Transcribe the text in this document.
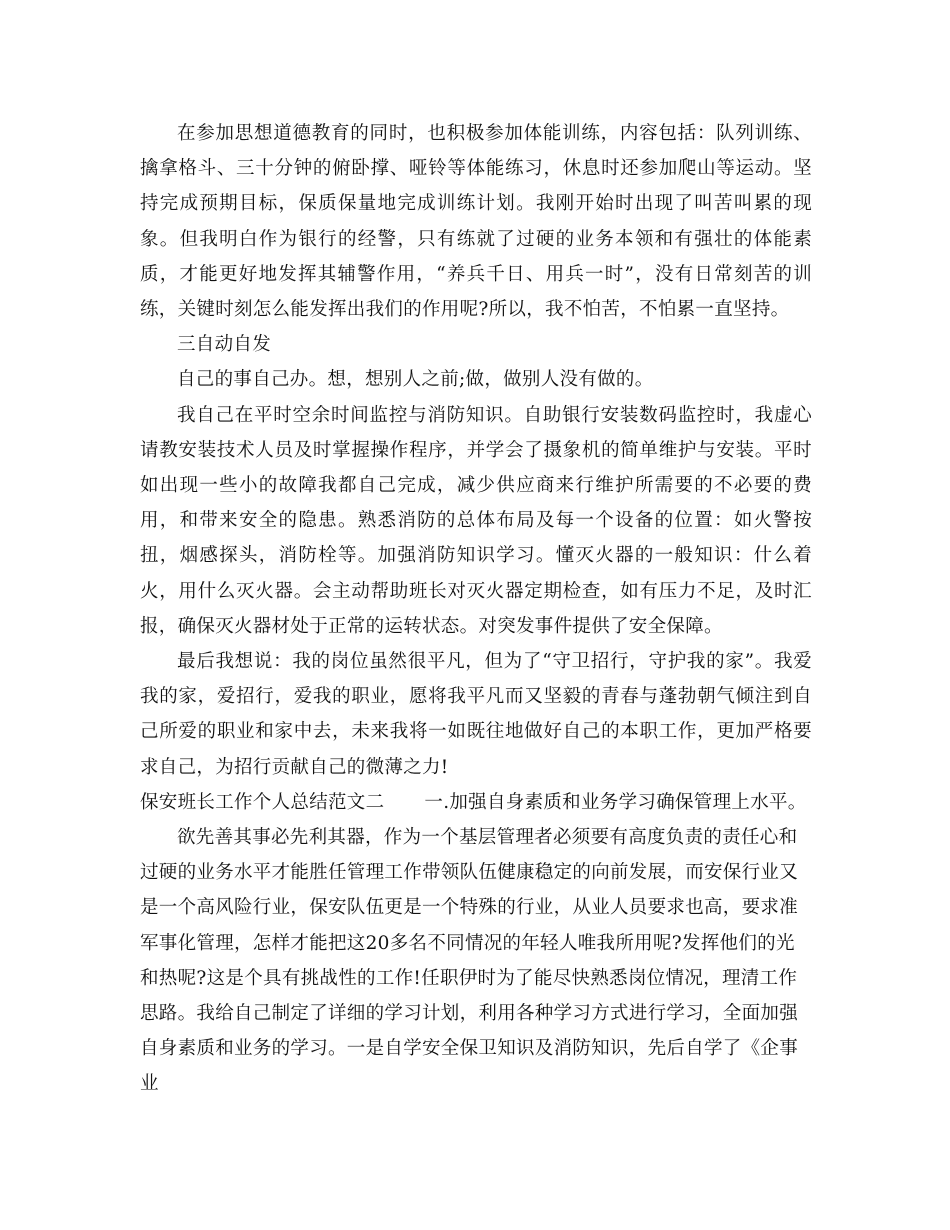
在参加思想道德教育的同时，也积极参加体能训练，内容包括：队列训练、擒拿格斗、三十分钟的俯卧撑、哑铃等体能练习，休息时还参加爬山等运动。坚持完成预期目标，保质保量地完成训练计划。我刚开始时出现了叫苦叫累的现象。但我明白作为银行的经警，只有练就了过硬的业务本领和有强壮的体能素质，才能更好地发挥其辅警作用，“养兵千日、用兵一时”，没有日常刻苦的训练，关键时刻怎么能发挥出我们的作用呢?所以，我不怕苦，不怕累一直坚持。

三自动自发

自己的事自己办。想，想别人之前;做，做别人没有做的。

我自己在平时空余时间监控与消防知识。自助银行安装数码监控时，我虚心请教安装技术人员及时掌握操作程序，并学会了摄象机的简单维护与安装。平时如出现一些小的故障我都自己完成，减少供应商来行维护所需要的不必要的费用，和带来安全的隐患。熟悉消防的总体布局及每一个设备的位置：如火警按扭，烟感探头，消防栓等。加强消防知识学习。懂灭火器的一般知识：什么着火，用什么灭火器。会主动帮助班长对灭火器定期检查，如有压力不足，及时汇报，确保灭火器材处于正常的运转状态。对突发事件提供了安全保障。

最后我想说：我的岗位虽然很平凡，但为了“守卫招行，守护我的家”。我爱我的家，爱招行，爱我的职业，愿将我平凡而又坚毅的青春与蓬勃朝气倾注到自己所爱的职业和家中去，未来我将一如既往地做好自己的本职工作，更加严格要求自己，为招行贡献自己的微薄之力!

保安班长工作个人总结范文二 一.加强自身素质和业务学习确保管理上水平。

欲先善其事必先利其器，作为一个基层管理者必须要有高度负责的责任心和过硬的业务水平才能胜任管理工作带领队伍健康稳定的向前发展，而安保行业又是一个高风险行业，保安队伍更是一个特殊的行业，从业人员要求也高，要求准军事化管理，怎样才能把这20多名不同情况的年轻人唯我所用呢?发挥他们的光和热呢?这是个具有挑战性的工作!任职伊时为了能尽快熟悉岗位情况，理清工作思路。我给自己制定了详细的学习计划，利用各种学习方式进行学习，全面加强自身素质和业务的学习。一是自学安全保卫知识及消防知识，先后自学了《企事业
